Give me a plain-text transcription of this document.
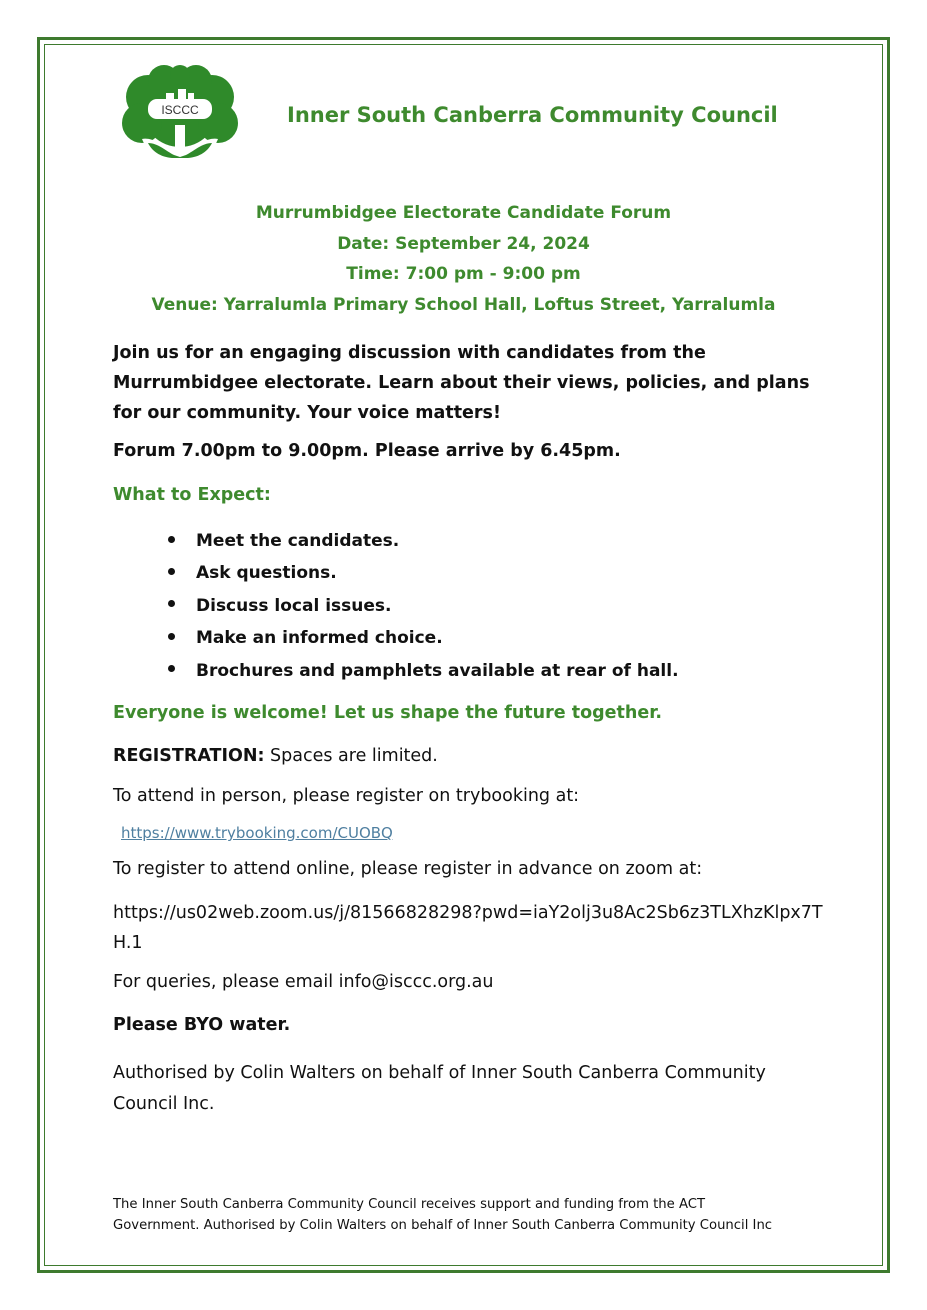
ISCCC	Inner South Canberra Community Council
Murrumbidgee Electorate Candidate Forum
Date: September 24, 2024
Time: 7:00 pm - 9:00 pm
Venue: Yarralumla Primary School Hall, Loftus Street, Yarralumla

Join us for an engaging discussion with candidates from the Murrumbidgee electorate. Learn about their views, policies, and plans for our community. Your voice matters!

Forum 7.00pm to 9.00pm. Please arrive by 6.45pm.

What to Expect:

Meet the candidates.
Ask questions.
Discuss local issues.
Make an informed choice.
Brochures and pamphlets available at rear of hall.

Everyone is welcome! Let us shape the future together.

REGISTRATION: Spaces are limited.

To attend in person, please register on trybooking at:

https://www.trybooking.com/CUOBQ

To register to attend online, please register in advance on zoom at:

https://us02web.zoom.us/j/81566828298?pwd=iaY2olj3u8Ac2Sb6z3TLXhzKlpx7TH.1

For queries, please email info@isccc.org.au

Please BYO water.

Authorised by Colin Walters on behalf of Inner South Canberra Community Council Inc.

The Inner South Canberra Community Council receives support and funding from the ACT Government. Authorised by Colin Walters on behalf of Inner South Canberra Community Council Inc
